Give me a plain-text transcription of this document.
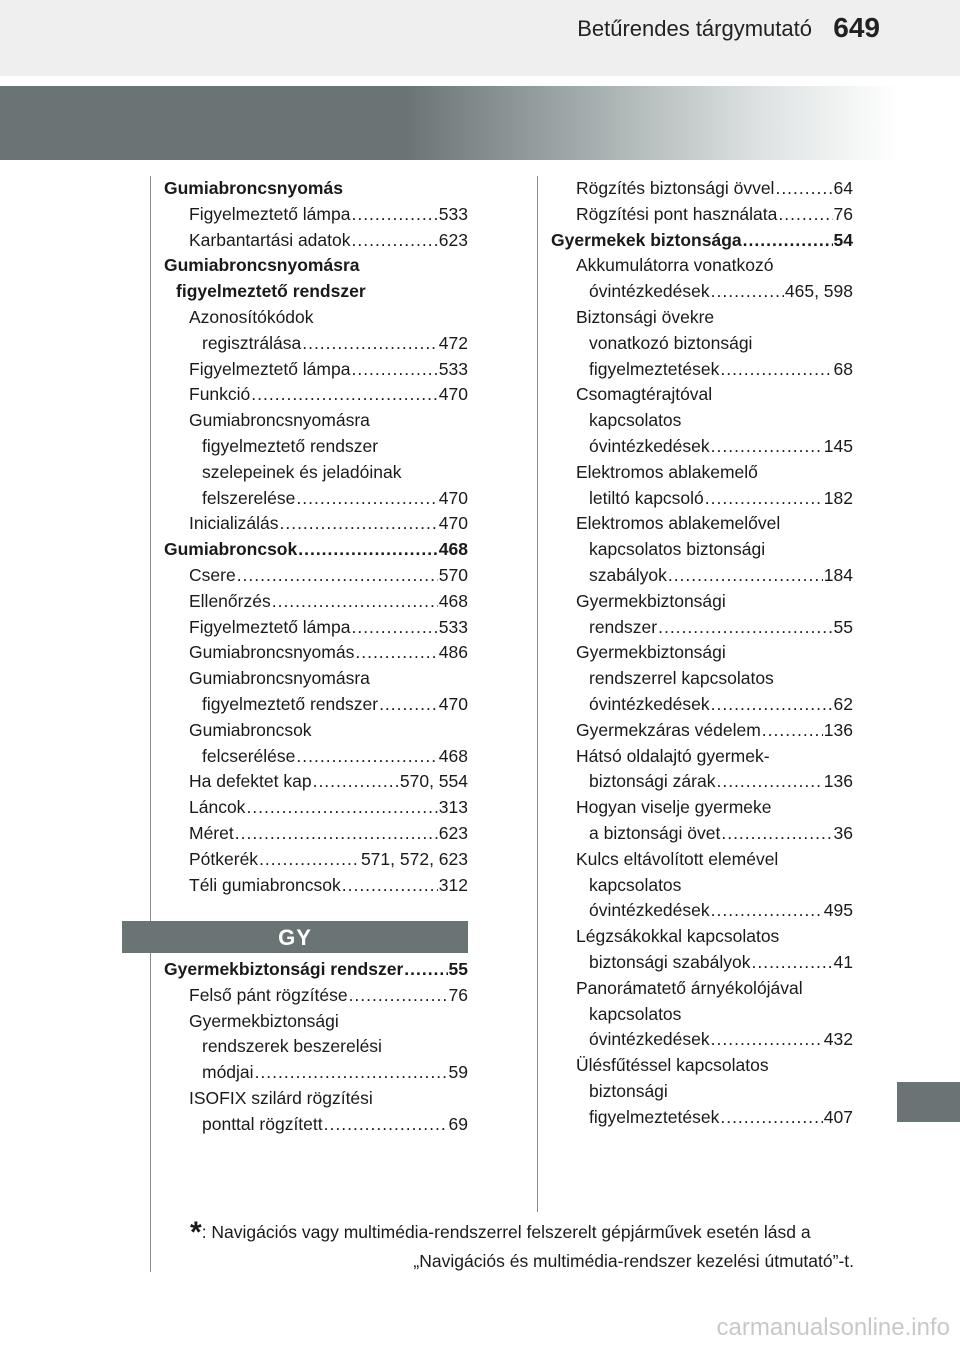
Betűrendes tárgymutató 649
Gumiabroncsnyomás
Figyelmeztető lámpa .....	533
Karbantartási adatok .....	623
Gumiabroncsnyomásra
figyelmeztető rendszer
Azonosítókódok
regisztrálása .....	472
Figyelmeztető lámpa .....	533
Funkció .....	470
Gumiabroncsnyomásra
figyelmeztető rendszer
szelepeinek és jeladóinak
felszerelése .....	470
Inicializálás .....	470
Gumiabroncsok .....	468
Csere .....	570
Ellenőrzés .....	468
Figyelmeztető lámpa .....	533
Gumiabroncsnyomás .....	486
Gumiabroncsnyomásra
figyelmeztető rendszer .....	470
Gumiabroncsok
felcserélése .....	468
Ha defektet kap .....	570, 554
Láncok .....	313
Méret .....	623
Pótkerék .....	571, 572, 623
Téli gumiabroncsok .....	312
GY
Gyermekbiztonsági rendszer .....	55
Felső pánt rögzítése .....	76
Gyermekbiztonsági
rendszerek beszerelési
módjai .....	59
ISOFIX szilárd rögzítési
ponttal rögzített .....	69
Rögzítés biztonsági övvel .....	64
Rögzítési pont használata .....	76
Gyermekek biztonsága .....	54
Akkumulátorra vonatkozó
óvintézkedések .....	465, 598
Biztonsági övekre
vonatkozó biztonsági
figyelmeztetések .....	68
Csomagtérajtóval
kapcsolatos
óvintézkedések .....	145
Elektromos ablakemelő
letiltó kapcsoló .....	182
Elektromos ablakemelővel
kapcsolatos biztonsági
szabályok .....	184
Gyermekbiztonsági
rendszer .....	55
Gyermekbiztonsági
rendszerrel kapcsolatos
óvintézkedések .....	62
Gyermekzáras védelem .....	136
Hátsó oldalajtó gyermek-
biztonsági zárak .....	136
Hogyan viselje gyermeke
a biztonsági övet .....	36
Kulcs eltávolított elemével
kapcsolatos
óvintézkedések .....	495
Légzsákokkal kapcsolatos
biztonsági szabályok .....	41
Panorámatető árnyékolójával
kapcsolatos
óvintézkedések .....	432
Ülésfűtéssel kapcsolatos
biztonsági
figyelmeztetések .....	407
*: Navigációs vagy multimédia-rendszerrel felszerelt gépjárművek esetén lásd a
„Navigációs és multimédia-rendszer kezelési útmutató”-t.
carmanualsonline.info
